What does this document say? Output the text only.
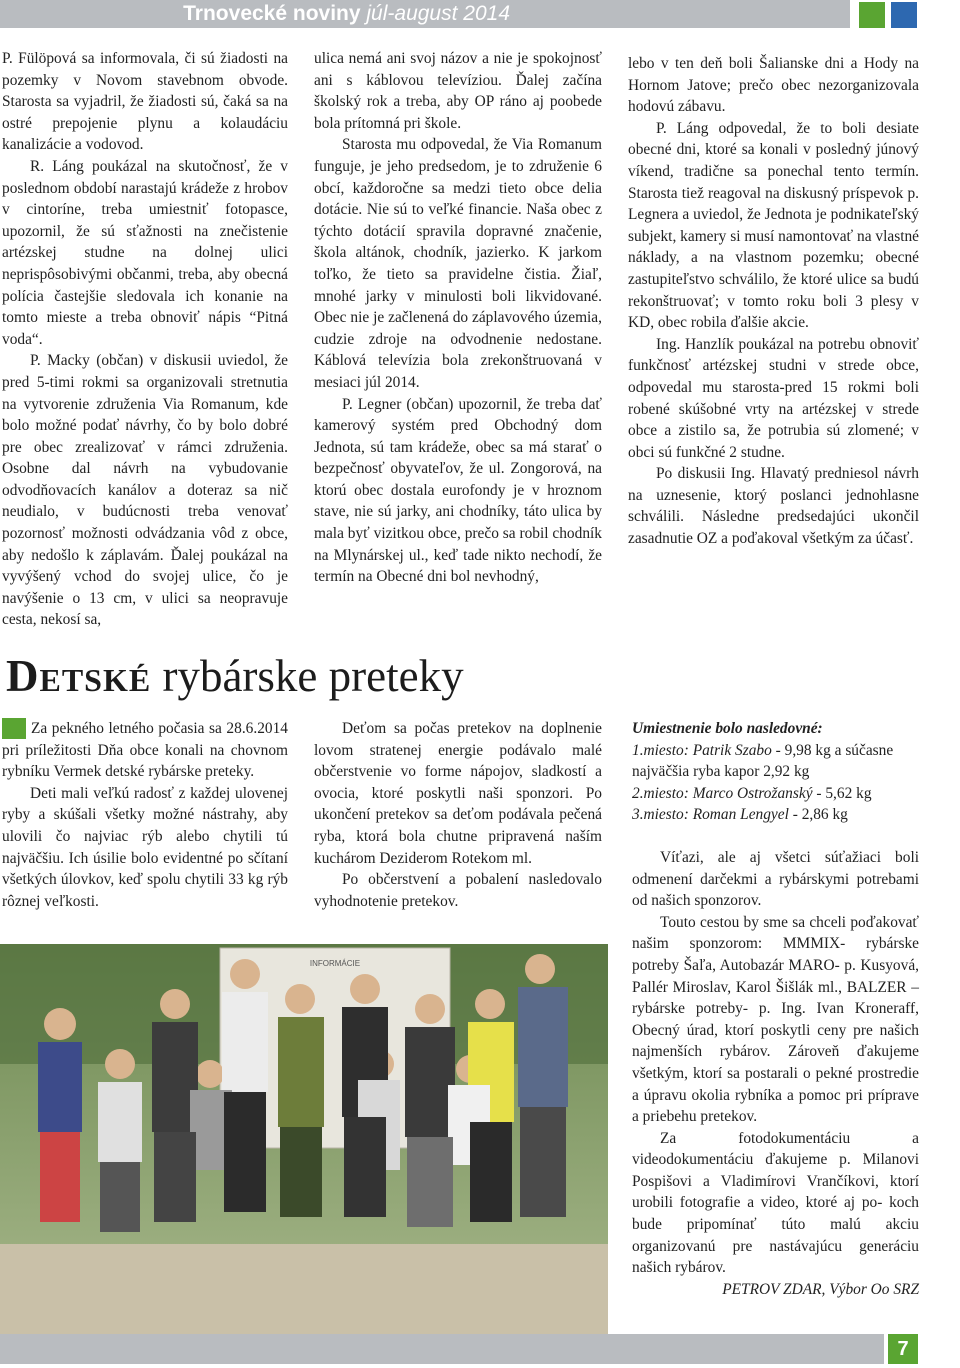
Trnovecké noviny júl-august 2014

P. Fülöpová sa informovala, či sú žiadosti na pozemky v Novom stavebnom obvode. Starosta sa vyjadril, že žiadosti sú, čaká sa na ostré prepojenie plynu a kolaudáciu kanalizácie a vodovod.

R. Láng poukázal na skutočnosť, že v poslednom období narastajú krádeže z hrobov v cintoríne, treba umiestniť fotopasce, upozornil, že sú sťažnosti na znečistenie artézskej studne na dolnej ulici neprispôsobivými občanmi, treba, aby obecná polícia častejšie sledovala ich konanie na tomto mieste a treba obnoviť nápis “Pitná voda“.

P. Macky (občan) v diskusii uviedol, že pred 5-timi rokmi sa organizovali stretnutia na vytvorenie združenia Via Romanum, kde bolo možné podať návrhy, čo by bolo dobré pre obec zrealizovať v rámci združenia. Osobne dal návrh na vybudovanie odvodňovacích kanálov a doteraz sa nič neudialo, v budúcnosti treba venovať pozornosť možnosti odvádzania vôd z obce, aby nedošlo k záplavám. Ďalej poukázal na vyvýšený vchod do svojej ulice, čo je navýšenie o 13 cm, v ulici sa neopravuje cesta, nekosí sa,

ulica nemá ani svoj názov a nie je spokojnosť ani s káblovou televíziou. Ďalej začína školský rok a treba, aby OP ráno aj poobede bola prítomná pri škole.

Starosta mu odpovedal, že Via Romanum funguje, je jeho predsedom, je to združenie 6 obcí, každoročne sa medzi tieto obce delia dotácie. Nie sú to veľké financie. Naša obec z týchto dotácií spravila dopravné značenie, škola altánok, chodník, jazierko. K jarkom toľko, že tieto sa pravidelne čistia. Žiaľ, mnohé jarky v minulosti boli likvidované. Obec nie je začlenená do záplavového územia, cudzie zdroje na odvodnenie nedostane. Káblová televízia bola zrekonštruovaná v mesiaci júl 2014.

P. Legner (občan) upozornil, že treba dať kamerový systém pred Obchodný dom Jednota, sú tam krádeže, obec sa má starať o bezpečnosť obyvateľov, že ul. Zongorová, na ktorú obec dostala eurofondy je v hroznom stave, nie sú jarky, ani chodníky, táto ulica by mala byť vizitkou obce, prečo sa robil chodník na Mlynárskej ul., keď tade nikto nechodí, že termín na Obecné dni bol nevhodný,

lebo v ten deň boli Šalianske dni a Hody na Hornom Jatove; prečo obec nezorganizovala hodovú zábavu.

P. Láng odpovedal, že to boli desiate obecné dni, ktoré sa konali v posledný júnový víkend, tradične sa ponechal tento termín. Starosta tiež reagoval na diskusný príspevok p. Legnera a uviedol, že Jednota je podnikateľský subjekt, kamery si musí namontovať na vlastné náklady, a na vlastnom pozemku; obecné zastupiteľstvo schválilo, že ktoré ulice sa budú rekonštruovať; v tomto roku boli 3 plesy v KD, obec robila ďalšie akcie.

Ing. Hanzlík poukázal na potrebu obnoviť funkčnosť artézskej studni v strede obce, odpovedal mu starosta-pred 15 rokmi boli robené skúšobné vrty na artézskej v strede obce a zistilo sa, že potrubia sú zlomené; v obci sú funkčné 2 studne.

Po diskusii Ing. Hlavatý predniesol návrh na uznesenie, ktorý poslanci jednohlasne schválili. Následne predsedajúci ukončil zasadnutie OZ a poďakoval všetkým za účasť.

Detské rybárske preteky

Za pekného letného počasia sa 28.6.2014 pri príležitosti Dňa obce konali na chovnom rybníku Vermek detské rybárske preteky.

Deti mali veľkú radosť z každej ulovenej ryby a skúšali všetky možné nástrahy, aby ulovili čo najviac rýb alebo chytili tú najväčšiu. Ich úsilie bolo evidentné po sčítaní všetkých úlovkov, keď spolu chytili 33 kg rýb rôznej veľkosti.

Deťom sa počas pretekov na doplnenie lovom stratenej energie podávalo malé občerstvenie vo forme nápojov, sladkostí a ovocia, ktoré poskytli naši sponzori. Po ukončení pretekov sa deťom podávala pečená ryba, ktorá bola chutne pripravená naším kuchárom Deziderom Rotekom ml.

Po občerstvení a pobalení nasledovalo vyhodnotenie pretekov.

Umiestnenie bolo nasledovné:

1.miesto: Patrik Szabo - 9,98 kg a súčasne najväčšia ryba kapor 2,92 kg

2.miesto: Marco Ostrožanský - 5,62 kg

3.miesto: Roman Lengyel - 2,86 kg

Víťazi, ale aj všetci súťažiaci boli odmenení darčekmi a rybárskymi potrebami od našich sponzorov.

Touto cestou by sme sa chceli poďakovať našim sponzorom: MMMIX- rybárske potreby Šaľa, Autobazár MARO- p. Kusyová, Pallér Miroslav, Karol Šišlák ml., BALZER – rybárske potreby- p. Ing. Ivan Kroneraff, Obecný úrad, ktorí poskytli ceny pre našich najmenších rybárov. Zároveň ďakujeme všetkým, ktorí sa postarali o pekné prostredie a úpravu okolia rybníka a pomoc pri príprave a priebehu pretekov.

Za fotodokumentáciu a videodokumentáciu ďakujeme p. Milanovi Pospišovi a Vladimírovi Vrančíkovi, ktorí urobili fotografie a video, ktoré aj po- koch bude pripomínať túto malú akciu organizovanú pre nastávajúcu generáciu našich rybárov.

PETROV ZDAR, Výbor Oo SRZ

INFORMÁCIE
7
